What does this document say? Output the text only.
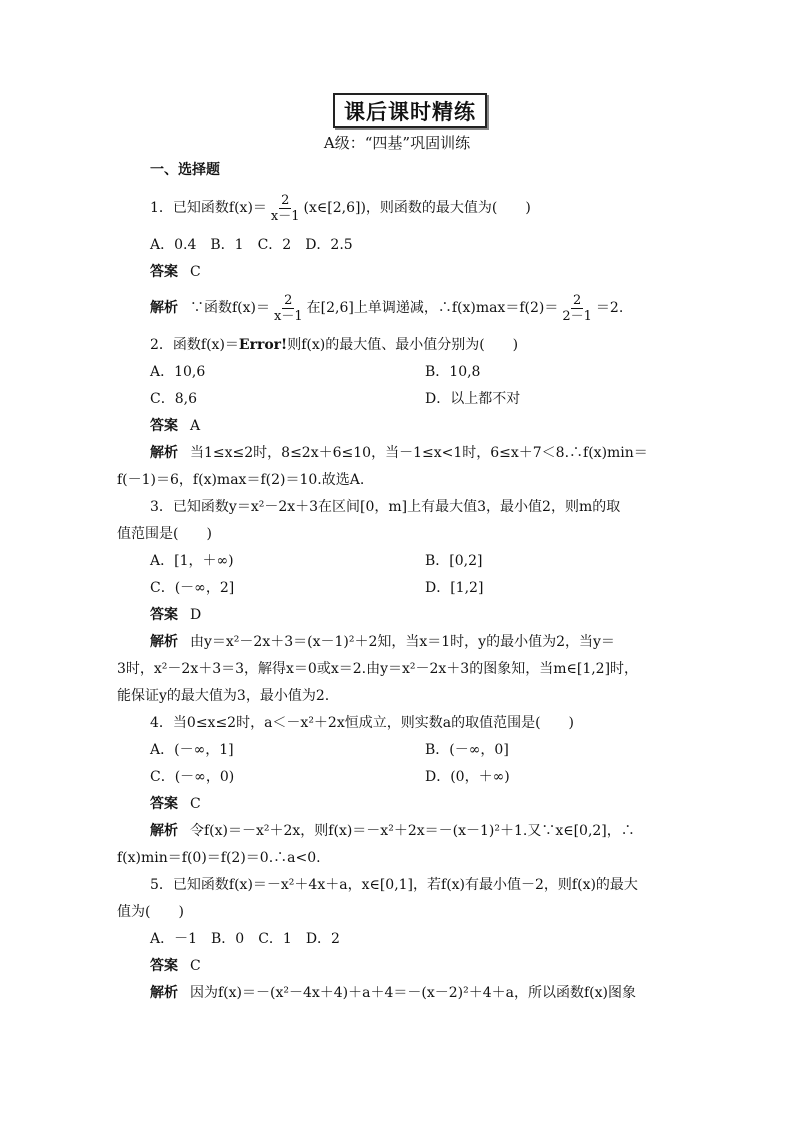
课后课时精练
A级：“四基”巩固训练
一、选择题
1．已知函数$f(x)= \frac{2}{x-1}$ (x∈[2,6])，则函数的最大值为(　　)
A．0.4　B．1　C．2　D．2.5
答案 C
解析 ∵函数$f(x)= \frac{2}{x-1}$ 在[2,6]上单调递减，∴f(x)max＝f(2)＝ $\frac{2}{2-1} =2$.
2．函数f(x)＝Error!则f(x)的最大值、最小值分别为(　　)
A．10,6	B．10,8
C．8,6	D．以上都不对
答案 A
解析 当1≤x≤2时，8≤2x＋6≤10，当－1≤x<1时，6≤x＋7＜8.∴f(x)min＝
f(－1)＝6，f(x)max＝f(2)＝10.故选A.
3．已知函数y＝x²－2x＋3在区间[0，m]上有最大值3，最小值2，则m的取
值范围是(　　)
A．[1，＋∞)	B．[0,2]
C．(－∞，2]	D．[1,2]
答案 D
解析 由y＝x²－2x＋3＝(x－1)²＋2知，当x＝1时，y的最小值为2，当y＝
3时，x²－2x＋3＝3，解得x＝0或x＝2.由y＝x²－2x＋3的图象知，当m∈[1,2]时，
能保证y的最大值为3，最小值为2.
4．当0≤x≤2时，a＜－x²＋2x恒成立，则实数a的取值范围是(　　)
A．(－∞，1]	B．(－∞，0]
C．(－∞，0)	D．(0，＋∞)
答案 C
解析 令f(x)＝－x²＋2x，则f(x)＝－x²＋2x＝－(x－1)²＋1.又∵x∈[0,2]，∴
f(x)min＝f(0)＝f(2)＝0.∴a<0.
5．已知函数f(x)＝－x²＋4x＋a，x∈[0,1]，若f(x)有最小值－2，则f(x)的最大
值为(　　)
A．－1　B．0　C．1　D．2
答案 C
解析 因为f(x)＝－(x²－4x＋4)＋a＋4＝－(x－2)²＋4＋a，所以函数f(x)图象
